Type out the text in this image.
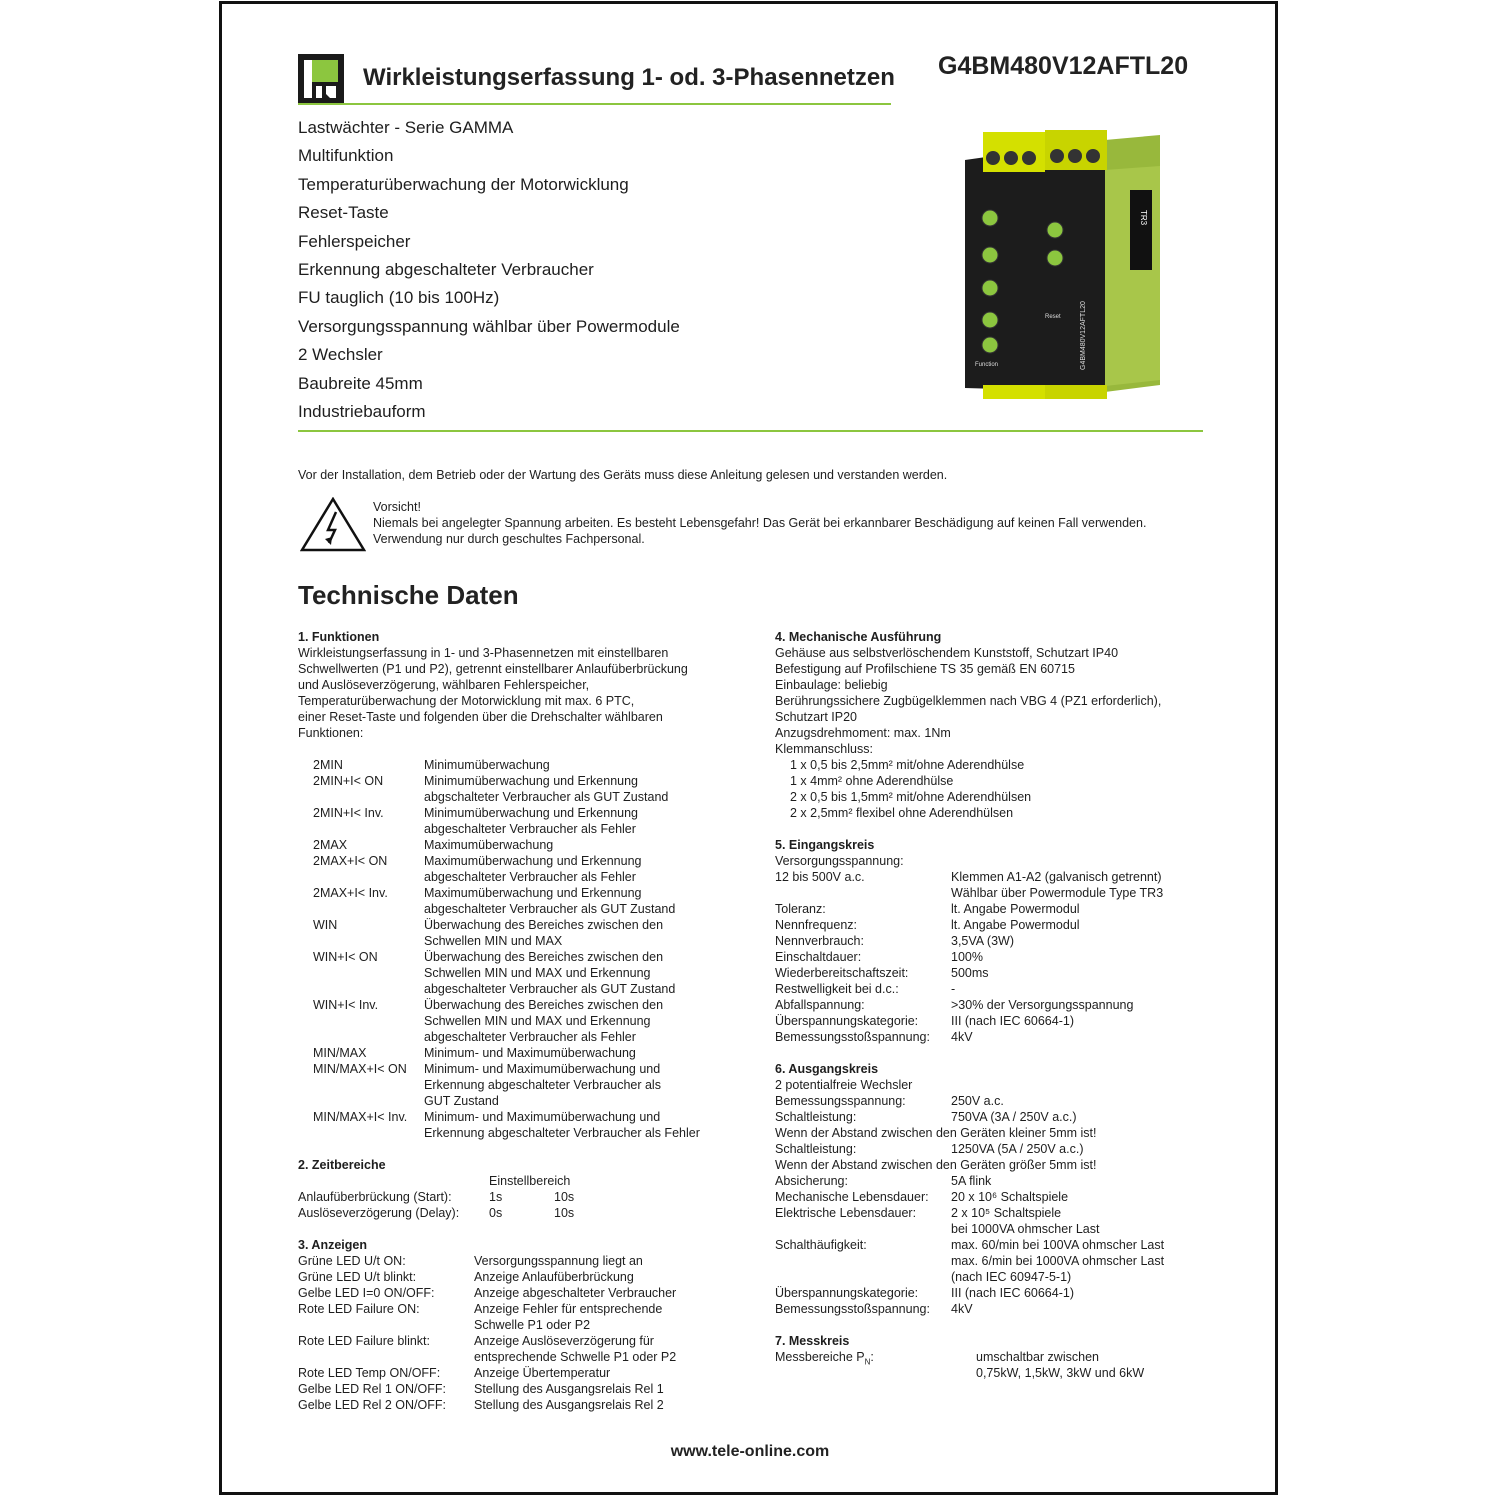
Wirkleistungserfassung 1- od. 3-Phasennetzen G4BM480V12AFTL20
Lastwächter - Serie GAMMA
Multifunktion
Temperaturüberwachung der Motorwicklung
Reset-Taste
Fehlerspeicher
Erkennung abgeschalteter Verbraucher
FU tauglich (10 bis 100Hz)
Versorgungsspannung wählbar über Powermodule
2 Wechsler
Baubreite 45mm
Industriebauform
TR3
Reset
Function	G4BM480V12AFTL20
Vor der Installation, dem Betrieb oder der Wartung des Geräts muss diese Anleitung gelesen und verstanden werden.
Vorsicht!
Niemals bei angelegter Spannung arbeiten. Es besteht Lebensgefahr! Das Gerät bei erkannbarer Beschädigung auf keinen Fall verwenden.
Verwendung nur durch geschultes Fachpersonal.
Technische Daten
1. Funktionen
Wirkleistungserfassung in 1- und 3-Phasennetzen mit einstellbaren
Schwellwerten (P1 und P2), getrennt einstellbarer Anlaufüberbrückung
und Auslöseverzögerung, wählbaren Fehlerspeicher,
Temperaturüberwachung der Motorwicklung mit max. 6 PTC,
einer Reset-Taste und folgenden über die Drehschalter wählbaren
Funktionen:
2MIN	Minimumüberwachung
2MIN+I< ON	Minimumüberwachung und Erkennung
abgschalteter Verbraucher als GUT Zustand
2MIN+I< Inv.	Minimumüberwachung und Erkennung
abgeschalteter Verbraucher als Fehler
2MAX	Maximumüberwachung
2MAX+I< ON	Maximumüberwachung und Erkennung
abgeschalteter Verbraucher als Fehler
2MAX+I< Inv.	Maximumüberwachung und Erkennung
abgeschalteter Verbraucher als GUT Zustand
WIN	Überwachung des Bereiches zwischen den
Schwellen MIN und MAX
WIN+I< ON	Überwachung des Bereiches zwischen den
Schwellen MIN und MAX und Erkennung
abgeschalteter Verbraucher als GUT Zustand
WIN+I< Inv.	Überwachung des Bereiches zwischen den
Schwellen MIN und MAX und Erkennung
abgeschalteter Verbraucher als Fehler
MIN/MAX	Minimum- und Maximumüberwachung
MIN/MAX+I< ON	Minimum- und Maximumüberwachung und
Erkennung abgeschalteter Verbraucher als
GUT Zustand
MIN/MAX+I< Inv.	Minimum- und Maximumüberwachung und
Erkennung abgeschalteter Verbraucher als Fehler
2. Zeitbereiche
Einstellbereich
Anlaufüberbrückung (Start):	1s	10s
Auslöseverzögerung (Delay):	0s	10s
3. Anzeigen
Grüne LED U/t ON:	Versorgungsspannung liegt an
Grüne LED U/t blinkt:	Anzeige Anlaufüberbrückung
Gelbe LED I=0 ON/OFF:	Anzeige abgeschalteter Verbraucher
Rote LED Failure ON:	Anzeige Fehler für entsprechende
Schwelle P1 oder P2
Rote LED Failure blinkt:	Anzeige Auslöseverzögerung für
entsprechende Schwelle P1 oder P2
Rote LED Temp ON/OFF:	Anzeige Übertemperatur
Gelbe LED Rel 1 ON/OFF:	Stellung des Ausgangsrelais Rel 1
Gelbe LED Rel 2 ON/OFF:	Stellung des Ausgangsrelais Rel 2
4. Mechanische Ausführung
Gehäuse aus selbstverlöschendem Kunststoff, Schutzart IP40
Befestigung auf Profilschiene TS 35 gemäß EN 60715
Einbaulage: beliebig
Berührungssichere Zugbügelklemmen nach VBG 4 (PZ1 erforderlich),
Schutzart IP20
Anzugsdrehmoment: max. 1Nm
Klemmanschluss:
1 x 0,5 bis 2,5mm² mit/ohne Aderendhülse
1 x 4mm² ohne Aderendhülse
2 x 0,5 bis 1,5mm² mit/ohne Aderendhülsen
2 x 2,5mm² flexibel ohne Aderendhülsen
5. Eingangskreis
Versorgungsspannung:
12 bis 500V a.c.	Klemmen A1-A2 (galvanisch getrennt)
Wählbar über Powermodule Type TR3
Toleranz:	lt. Angabe Powermodul
Nennfrequenz:	lt. Angabe Powermodul
Nennverbrauch:	3,5VA (3W)
Einschaltdauer:	100%
Wiederbereitschaftszeit:	500ms
Restwelligkeit bei d.c.:	-
Abfallspannung:	>30% der Versorgungsspannung
Überspannungskategorie:	III (nach IEC 60664-1)
Bemessungsstoßspannung:	4kV
6. Ausgangskreis
2 potentialfreie Wechsler
Bemessungsspannung:	250V a.c.
Schaltleistung:	750VA (3A / 250V a.c.)
Wenn der Abstand zwischen den Geräten kleiner 5mm ist!
Schaltleistung:	1250VA (5A / 250V a.c.)
Wenn der Abstand zwischen den Geräten größer 5mm ist!
Absicherung:	5A flink
Mechanische Lebensdauer:	20 x 10⁶ Schaltspiele
Elektrische Lebensdauer:	2 x 10⁵ Schaltspiele
bei 1000VA ohmscher Last
Schalthäufigkeit:	max. 60/min bei 100VA ohmscher Last
max. 6/min bei 1000VA ohmscher Last
(nach IEC 60947-5-1)
Überspannungskategorie:	III (nach IEC 60664-1)
Bemessungsstoßspannung:	4kV
7. Messkreis
Messbereiche $P_N$:	umschaltbar zwischen
0,75kW, 1,5kW, 3kW und 6kW
www.tele-online.com
